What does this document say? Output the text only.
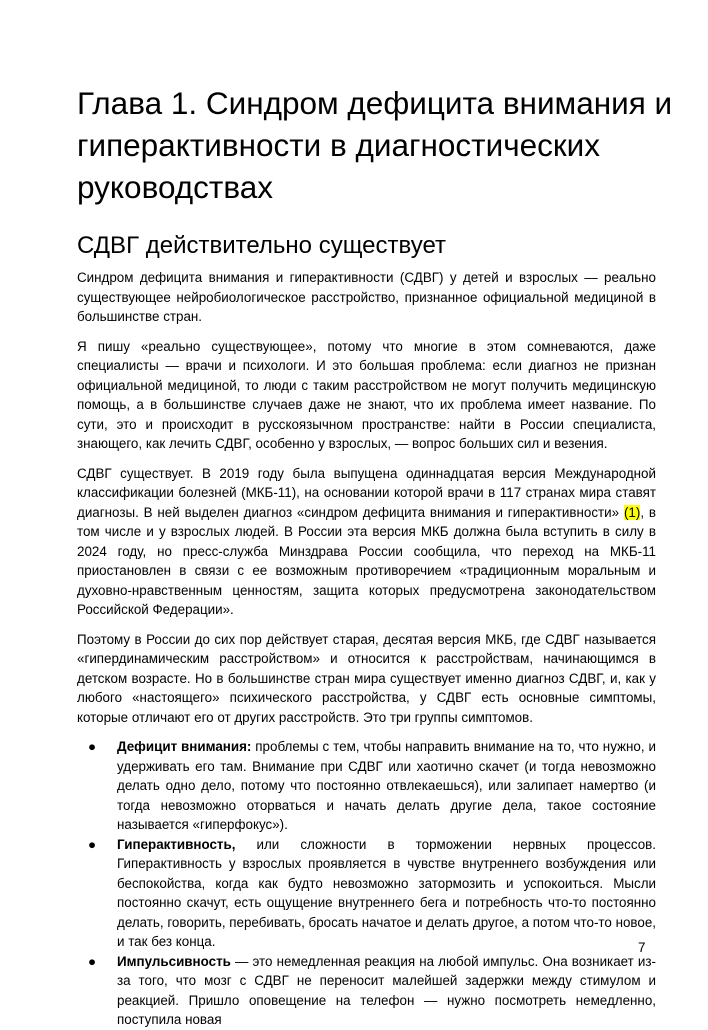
Глава 1. Синдром дефицита внимания и гиперактивности в диагностических руководствах
СДВГ действительно существует

Синдром дефицита внимания и гиперактивности (СДВГ) у детей и взрослых — реально существующее нейробиологическое расстройство, признанное официальной медициной в большинстве стран.

Я пишу «реально существующее», потому что многие в этом сомневаются, даже специалисты — врачи и психологи. И это большая проблема: если диагноз не признан официальной медициной, то люди с таким расстройством не могут получить медицинскую помощь, а в большинстве случаев даже не знают, что их проблема имеет название. По сути, это и происходит в русскоязычном пространстве: найти в России специалиста, знающего, как лечить СДВГ, особенно у взрослых, — вопрос больших сил и везения.

СДВГ существует. В 2019 году была выпущена одиннадцатая версия Международной классификации болезней (МКБ-11), на основании которой врачи в 117 странах мира ставят диагнозы. В ней выделен диагноз «синдром дефицита внимания и гиперактивности» (1), в том числе и у взрослых людей. В России эта версия МКБ должна была вступить в силу в 2024 году, но пресс-служба Минздрава России сообщила, что переход на МКБ-11 приостановлен в связи с ее возможным противоречием «традиционным моральным и духовно-нравственным ценностям, защита которых предусмотрена законодательством Российской Федерации».

Поэтому в России до сих пор действует старая, десятая версия МКБ, где СДВГ называется «гипердинамическим расстройством» и относится к расстройствам, начинающимся в детском возрасте. Но в большинстве стран мира существует именно диагноз СДВГ, и, как у любого «настоящего» психического расстройства, у СДВГ есть основные симптомы, которые отличают его от других расстройств. Это три группы симптомов.

● Дефицит внимания: проблемы с тем, чтобы направить внимание на то, что нужно, и удерживать его там. Внимание при СДВГ или хаотично скачет (и тогда невозможно делать одно дело, потому что постоянно отвлекаешься), или залипает намертво (и тогда невозможно оторваться и начать делать другие дела, такое состояние называется «гиперфокус»).
● Гиперактивность, или сложности в торможении нервных процессов. Гиперактивность у взрослых проявляется в чувстве внутреннего возбуждения или беспокойства, когда как будто невозможно затормозить и успокоиться. Мысли постоянно скачут, есть ощущение внутреннего бега и потребность что-то постоянно делать, говорить, перебивать, бросать начатое и делать другое, а потом что-то новое, и так без конца.
● Импульсивность — это немедленная реакция на любой импульс. Она возникает из-за того, что мозг с СДВГ не переносит малейшей задержки между стимулом и реакцией. Пришло оповещение на телефон — нужно посмотреть немедленно, поступила новая
7
